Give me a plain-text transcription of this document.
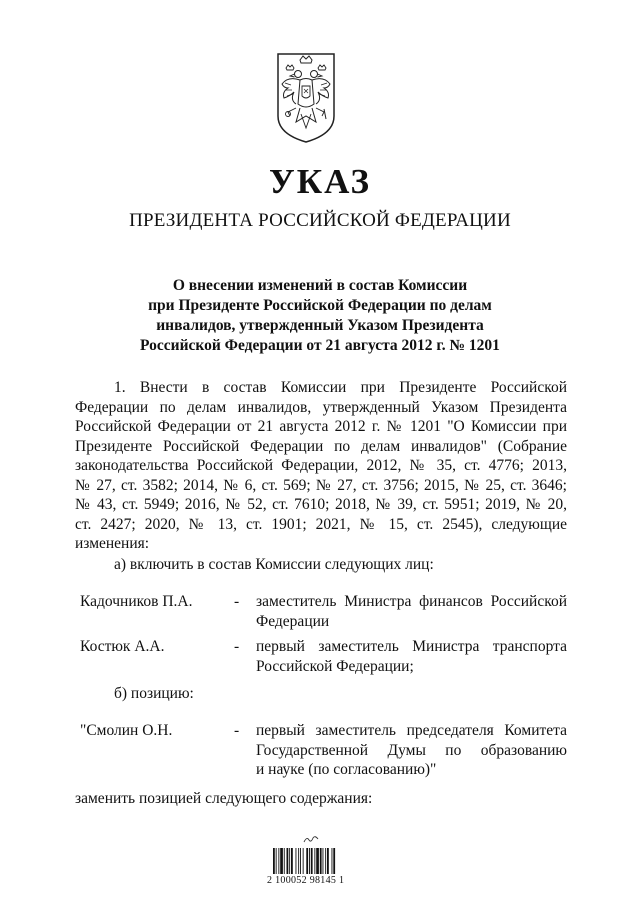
УКАЗ
ПРЕЗИДЕНТА РОССИЙСКОЙ ФЕДЕРАЦИИ
О внесении изменений в состав Комиссии
при Президенте Российской Федерации по делам
инвалидов, утвержденный Указом Президента
Российской Федерации от 21 августа 2012 г. № 1201
1. Внести в состав Комиссии при Президенте Российской
Федерации по делам инвалидов, утвержденный Указом Президента
Российской Федерации от 21 августа 2012 г. № 1201 "О Комиссии при
Президенте Российской Федерации по делам инвалидов" (Собрание
законодательства Российской Федерации, 2012, № 35, ст. 4776; 2013,
№ 27, ст. 3582; 2014, № 6, ст. 569; № 27, ст. 3756; 2015, № 25, ст. 3646;
№ 43, ст. 5949; 2016, № 52, ст. 7610; 2018, № 39, ст. 5951; 2019, № 20,
ст. 2427; 2020, № 13, ст. 1901; 2021, № 15, ст. 2545), следующие
изменения:
а) включить в состав Комиссии следующих лиц:
Кадочников П.А.	- заместитель Министра финансов Российской
Федерации
Костюк А.А.	- первый заместитель Министра транспорта
Российской Федерации;
б) позицию:
"Смолин О.Н.	- первый заместитель председателя Комитета
Государственной Думы по образованию
и науке (по согласованию)"
заменить позицией следующего содержания:
2 100052 98145 1
